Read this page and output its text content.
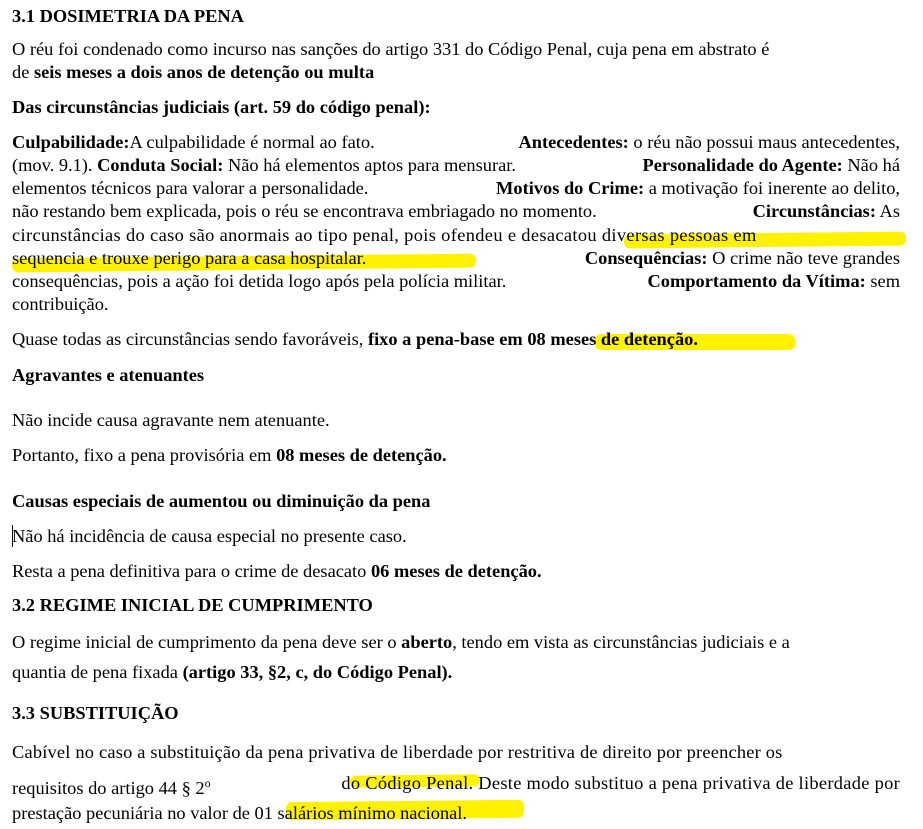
3.1 DOSIMETRIA DA PENA
O réu foi condenado como incurso nas sanções do artigo 331 do Código Penal, cuja pena em abstrato é
de seis meses a dois anos de detenção ou multa
Das circunstâncias judiciais (art. 59 do código penal):
Culpabilidade:A culpabilidade é normal ao fato.	Antecedentes: o réu não possui maus antecedentes,
(mov. 9.1). Conduta Social: Não há elementos aptos para mensurar.	Personalidade do Agente: Não há
elementos técnicos para valorar a personalidade.	Motivos do Crime: a motivação foi inerente ao delito,
não restando bem explicada, pois o réu se encontrava embriagado no momento.	Circunstâncias: As
circunstâncias do caso são anormais ao tipo penal, pois ofendeu e desacatou diversas pessoas em
sequencia e trouxe perigo para a casa hospitalar.	Consequências: O crime não teve grandes
consequências, pois a ação foi detida logo após pela polícia militar.	Comportamento da Vítima: sem
contribuição.
Quase todas as circunstâncias sendo favoráveis, fixo a pena-base em 08 meses de detenção.
Agravantes e atenuantes
Não incide causa agravante nem atenuante.
Portanto, fixo a pena provisória em 08 meses de detenção.
Causas especiais de aumentou ou diminuição da pena
Não há incidência de causa especial no presente caso.
Resta a pena definitiva para o crime de desacato 06 meses de detenção.
3.2 REGIME INICIAL DE CUMPRIMENTO
O regime inicial de cumprimento da pena deve ser o aberto, tendo em vista as circunstâncias judiciais e a
quantia de pena fixada (artigo 33, §2, c, do Código Penal).
3.3 SUBSTITUIÇÃO
Cabível no caso a substituição da pena privativa de liberdade por restritiva de direito por preencher os
requisitos do artigo 44 § 2$^o$	do Código Penal. Deste modo substituo a pena privativa de liberdade por
prestação pecuniária no valor de 01 salários mínimo nacional.
